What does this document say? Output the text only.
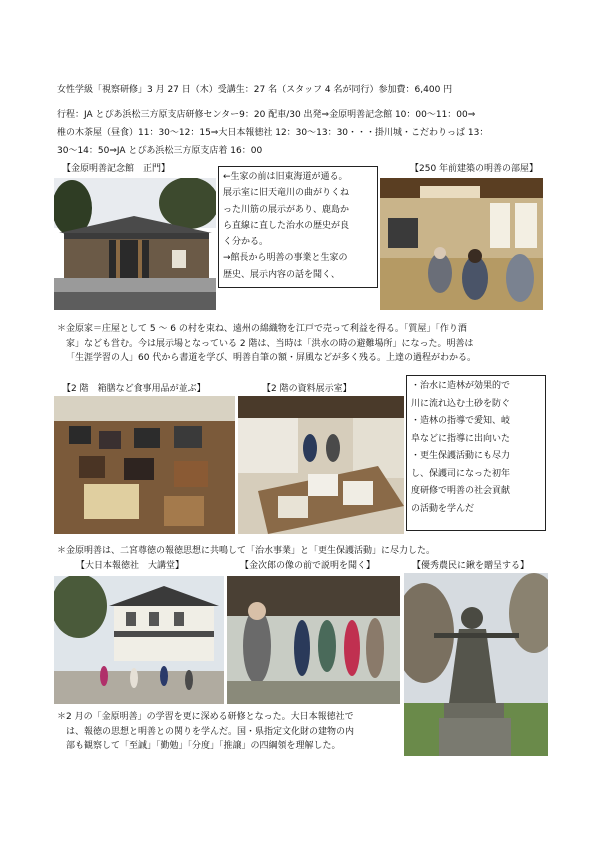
女性学級「視察研修」3 月 27 日（木）受講生：27 名（スタッフ 4 名が同行）参加費：6,400 円
行程：JA とぴあ浜松三方原支店研修センター9：20 配車/30 出発⇒金原明善記念館 10：00〜11：00⇒
椎の木茶屋（昼食）11：30〜12：15⇒大日本報徳社 12：30〜13：30・・・掛川城・こだわりっぱ 13：
30〜14：50⇒JA とぴあ浜松三方原支店着 16：00
【金原明善記念館　正門】	【250 年前建築の明善の部屋】
←生家の前は旧東海道が通る。
展示室に旧天竜川の曲がりくね
った川筋の展示があり、鹿島か
ら直線に直した治水の歴史が良
く分かる。
→館長から明善の事業と生家の
歴史、展示内容の話を聞く、
＊金原家＝庄屋として 5 〜 6 の村を束ね、遠州の綿織物を江戸で売って利益を得る。「質屋」「作り酒
家」なども営む。今は展示場となっている 2 階は、当時は「洪水の時の避難場所」になった。明善は
「生涯学習の人」60 代から書道を学び、明善自筆の額・屏風などが多く残る。上達の過程がわかる。
【2 階　箱膳など食事用品が並ぶ】	【2 階の資料展示室】	・治水に造林が効果的で
川に流れ込む土砂を防ぐ
・造林の指導で愛知、岐
阜などに指導に出向いた
・更生保護活動にも尽力
し、保護司になった初年
度研修で明善の社会貢献
の活動を学んだ
＊金原明善は、二宮尊徳の報徳思想に共鳴して「治水事業」と「更生保護活動」に尽力した。
【大日本報徳社　大講堂】	【金次郎の像の前で説明を聞く】	【優秀農民に鍬を贈呈する】
＊2 月の「金原明善」の学習を更に深める研修となった。大日本報徳社で
は、報徳の思想と明善との関りを学んだ。国・県指定文化財の建物の内
部も観察して「至誠」「勤勉」「分度」「推譲」の四綱領を理解した。
